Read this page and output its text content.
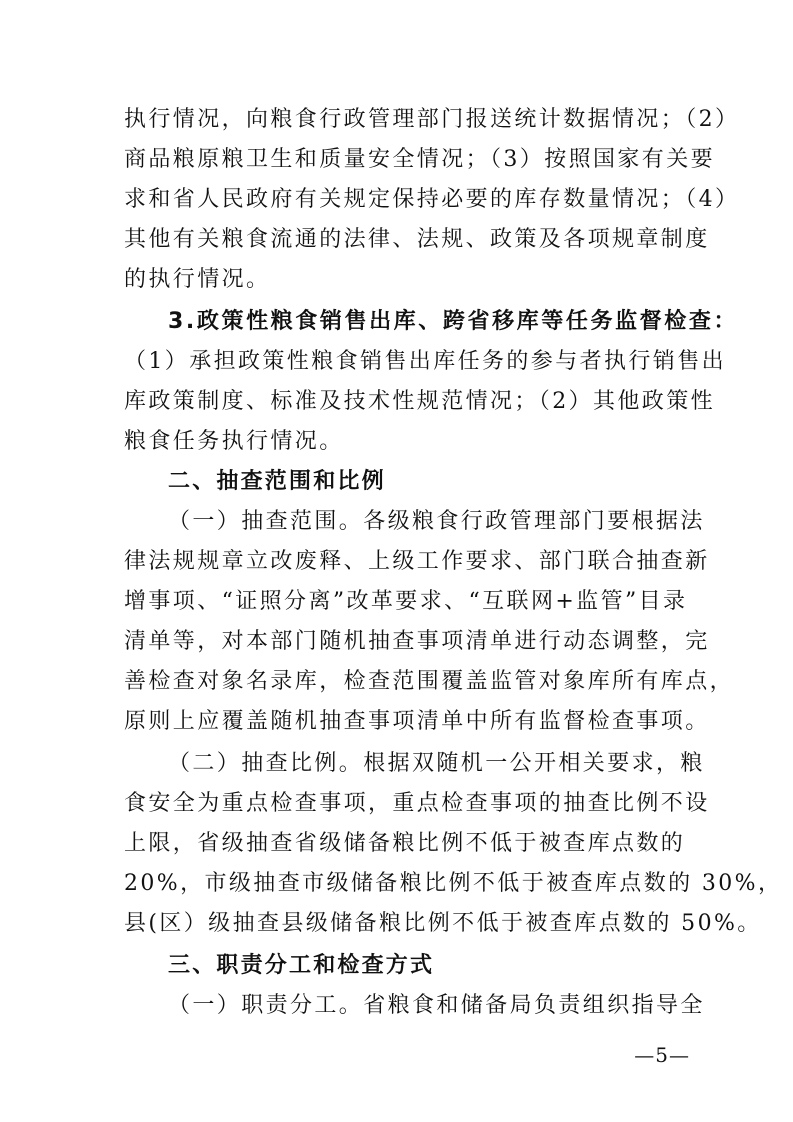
执行情况，向粮食行政管理部门报送统计数据情况；（2）
商品粮原粮卫生和质量安全情况；（3）按照国家有关要
求和省人民政府有关规定保持必要的库存数量情况；（4）
其他有关粮食流通的法律、法规、政策及各项规章制度
的执行情况。
3.政策性粮食销售出库、跨省移库等任务监督检查：
（1）承担政策性粮食销售出库任务的参与者执行销售出
库政策制度、标准及技术性规范情况；（2）其他政策性
粮食任务执行情况。
二、抽查范围和比例
（一）抽查范围。各级粮食行政管理部门要根据法
律法规规章立改废释、上级工作要求、部门联合抽查新
增事项、“证照分离”改革要求、“互联网+监管”目录
清单等，对本部门随机抽查事项清单进行动态调整，完
善检查对象名录库，检查范围覆盖监管对象库所有库点，
原则上应覆盖随机抽查事项清单中所有监督检查事项。
（二）抽查比例。根据双随机一公开相关要求，粮
食安全为重点检查事项，重点检查事项的抽查比例不设
上限，省级抽查省级储备粮比例不低于被查库点数的
20%，市级抽查市级储备粮比例不低于被查库点数的 30%，
县(区）级抽查县级储备粮比例不低于被查库点数的 50%。
三、职责分工和检查方式
（一）职责分工。省粮食和储备局负责组织指导全
—5—
